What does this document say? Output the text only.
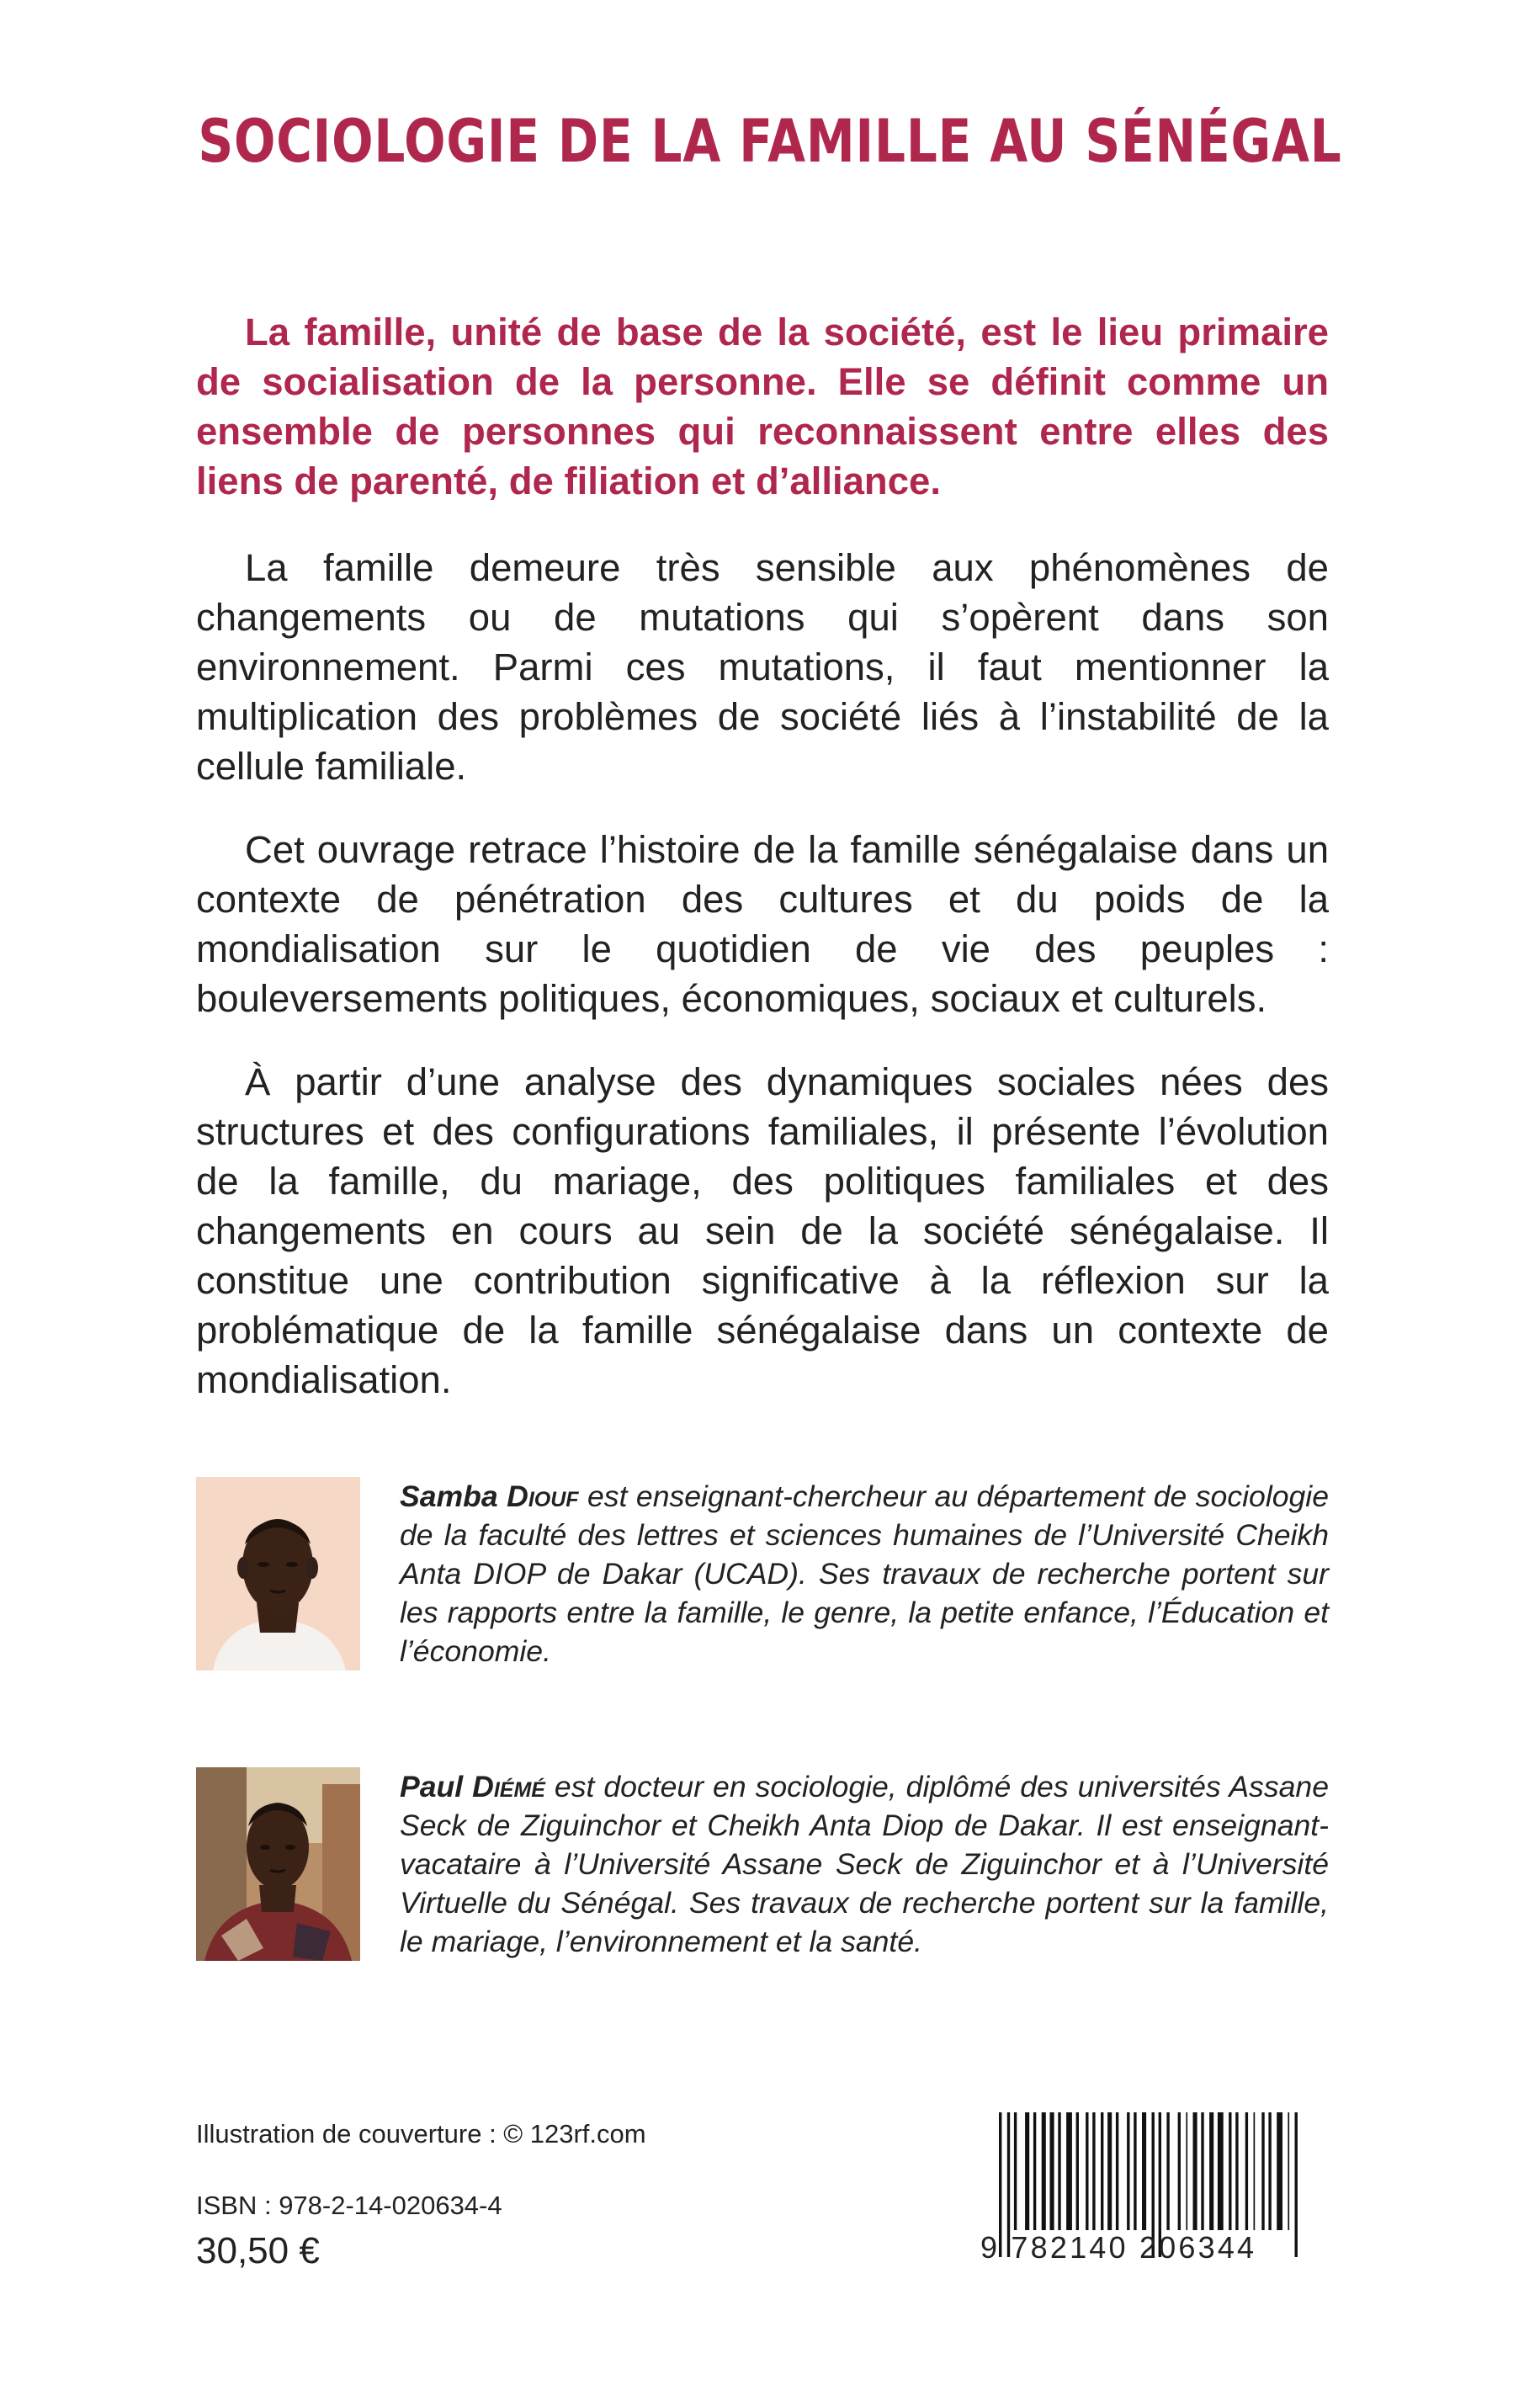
SOCIOLOGIE DE LA FAMILLE AU SÉNÉGAL

La famille, unité de base de la société, est le lieu primaire de socialisation de la personne. Elle se définit comme un ensemble de personnes qui reconnaissent entre elles des liens de parenté, de filiation et d’alliance.

La famille demeure très sensible aux phénomènes de changements ou de mutations qui s’opèrent dans son environnement. Parmi ces mutations, il faut mentionner la multiplication des problèmes de société liés à l’instabilité de la cellule familiale.

Cet ouvrage retrace l’histoire de la famille sénégalaise dans un contexte de pénétration des cultures et du poids de la mondialisation sur le quotidien de vie des peuples : bouleversements politiques, économiques, sociaux et culturels.

À partir d’une analyse des dynamiques sociales nées des structures et des configurations familiales, il présente l’évolution de la famille, du mariage, des politiques familiales et des changements en cours au sein de la société sénégalaise. Il constitue une contribution significative à la réflexion sur la problématique de la famille sénégalaise dans un contexte de mondialisation.

Samba Diouf est enseignant-chercheur au département de sociologie de la faculté des lettres et sciences humaines de l’Université Cheikh Anta DIOP de Dakar (UCAD). Ses travaux de recherche portent sur les rapports entre la famille, le genre, la petite enfance, l’Éducation et l’économie.

Paul Diémé est docteur en sociologie, diplômé des universités Assane Seck de Ziguinchor et Cheikh Anta Diop de Dakar. Il est enseignant-vacataire à l’Université Assane Seck de Ziguinchor et à l’Université Virtuelle du Sénégal. Ses travaux de recherche portent sur la famille, le mariage, l’environnement et la santé.

Illustration de couverture : © 123rf.com

ISBN : 978-2-14-020634-4

30,50 €	9 782140 206344
